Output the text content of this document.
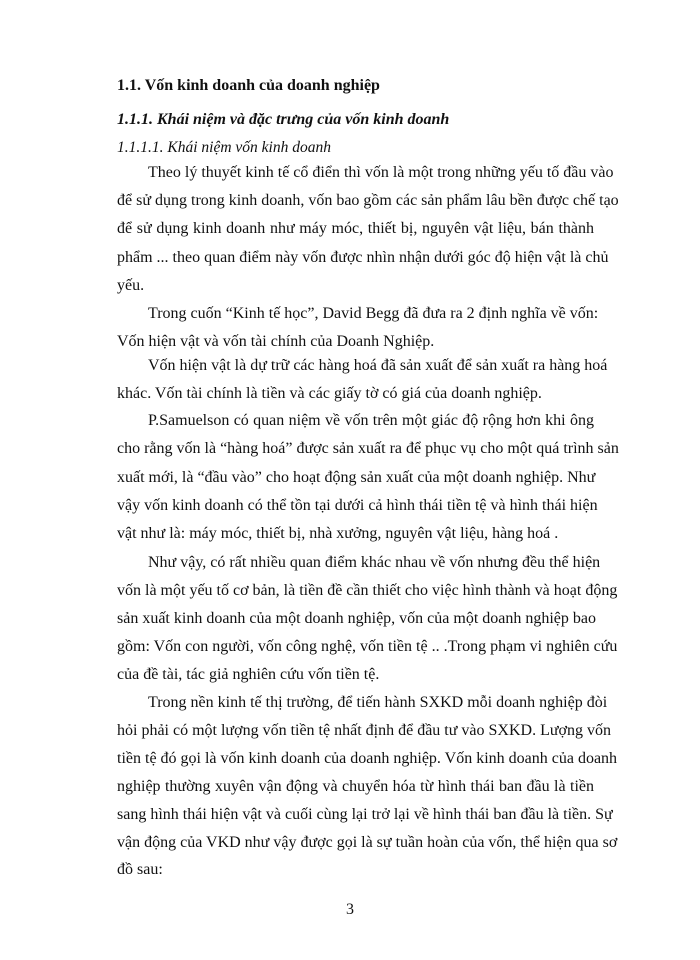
1.1. Vốn kinh doanh của doanh nghiệp
1.1.1. Khái niệm và đặc trưng của vốn kinh doanh
1.1.1.1. Khái niệm vốn kinh doanh
Theo lý thuyết kinh tế cổ điển thì vốn là một trong những yếu tố đầu vào
để sử dụng trong kinh doanh, vốn bao gồm các sản phẩm lâu bền được chế tạo
để sử dụng kinh doanh như máy móc, thiết bị, nguyên vật liệu, bán thành
phẩm ... theo quan điểm này vốn được nhìn nhận dưới góc độ hiện vật là chủ
yếu.
Trong cuốn “Kinh tế học”, David Begg đã đưa ra 2 định nghĩa về vốn:
Vốn hiện vật và vốn tài chính của Doanh Nghiệp.
Vốn hiện vật là dự trữ các hàng hoá đã sản xuất để sản xuất ra hàng hoá
khác. Vốn tài chính là tiền và các giấy tờ có giá của doanh nghiệp.
P.Samuelson có quan niệm về vốn trên một giác độ rộng hơn khi ông
cho rằng vốn là “hàng hoá” được sản xuất ra để phục vụ cho một quá trình sản
xuất mới, là “đầu vào” cho hoạt động sản xuất của một doanh nghiệp. Như
vậy vốn kinh doanh có thể tồn tại dưới cả hình thái tiền tệ và hình thái hiện
vật như là: máy móc, thiết bị, nhà xưởng, nguyên vật liệu, hàng hoá .
Như vậy, có rất nhiều quan điểm khác nhau về vốn nhưng đều thể hiện
vốn là một yếu tố cơ bản, là tiền đề cần thiết cho việc hình thành và hoạt động
sản xuất kinh doanh của một doanh nghiệp, vốn của một doanh nghiệp bao
gồm: Vốn con người, vốn công nghệ, vốn tiền tệ .. .Trong phạm vi nghiên cứu
của đề tài, tác giả nghiên cứu vốn tiền tệ.
Trong nền kinh tế thị trường, để tiến hành SXKD mỗi doanh nghiệp đòi
hỏi phải có một lượng vốn tiền tệ nhất định để đầu tư vào SXKD. Lượng vốn
tiền tệ đó gọi là vốn kinh doanh của doanh nghiệp. Vốn kinh doanh của doanh
nghiệp thường xuyên vận động và chuyển hóa từ hình thái ban đầu là tiền
sang hình thái hiện vật và cuối cùng lại trở lại về hình thái ban đầu là tiền. Sự
vận động của VKD như vậy được gọi là sự tuần hoàn của vốn, thể hiện qua sơ
đồ sau:
3
